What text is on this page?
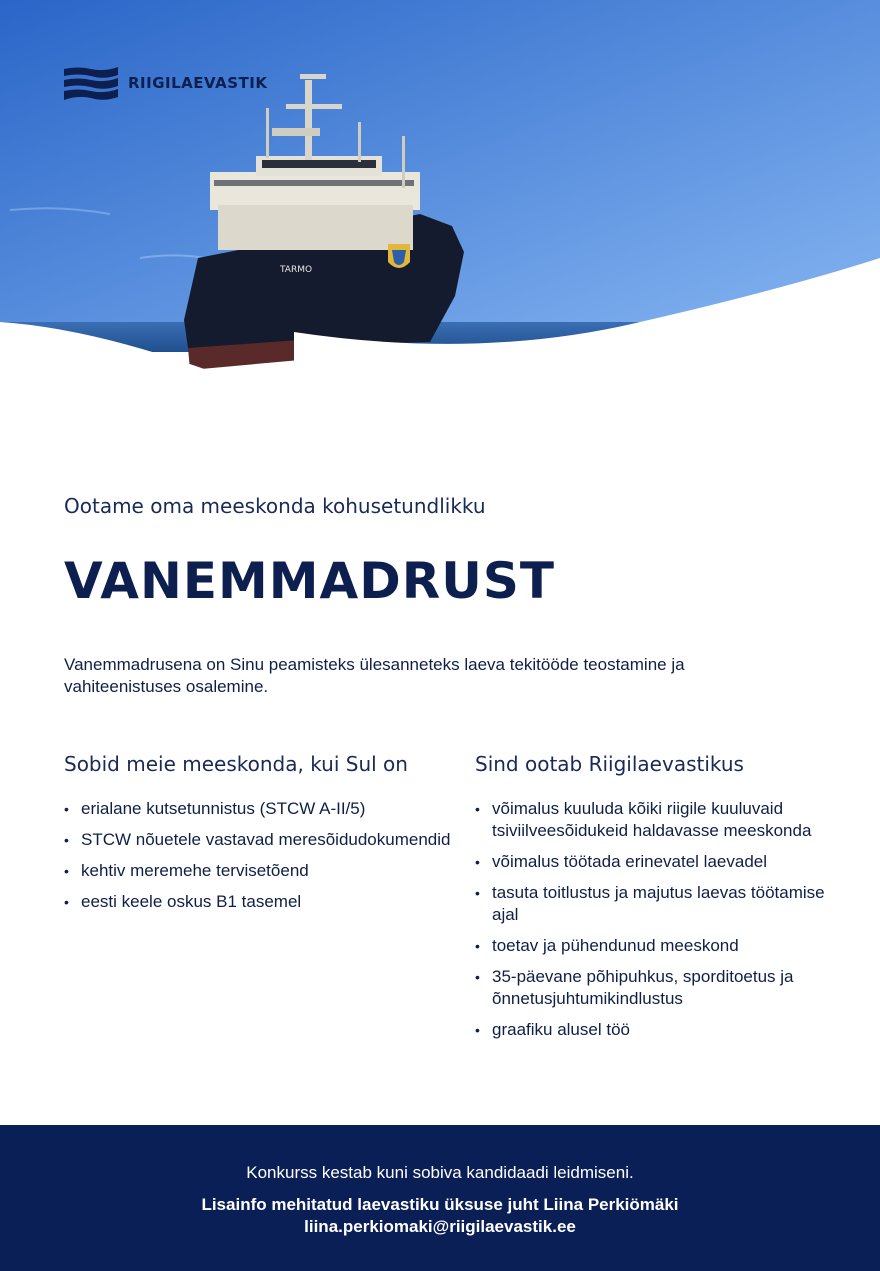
TARMO
RIIGILAEVASTIK
Ootame oma meeskonda kohusetundlikku
VANEMMADRUST

Vanemmadrusena on Sinu peamisteks ülesanneteks laeva tekitööde teostamine ja vahiteenistuses osalemine.

Sobid meie meeskonda, kui Sul on
• erialane kutsetunnistus (STCW A-II/5)
• STCW nõuetele vastavad meresõidudokumendid
• kehtiv meremehe tervisetõend
• eesti keele oskus B1 tasemel
Sind ootab Riigilaevastikus
• võimalus kuuluda kõiki riigile kuuluvaid tsiviilveesõidukeid haldavasse meeskonda
• võimalus töötada erinevatel laevadel
• tasuta toitlustus ja majutus laevas töötamise ajal
• toetav ja pühendunud meeskond
• 35-päevane põhipuhkus, sporditoetus ja õnnetusjuhtumikindlustus
• graafiku alusel töö
Konkurss kestab kuni sobiva kandidaadi leidmiseni.
Lisainfo mehitatud laevastiku üksuse juht Liina Perkiömäki
liina.perkiomaki@riigilaevastik.ee
